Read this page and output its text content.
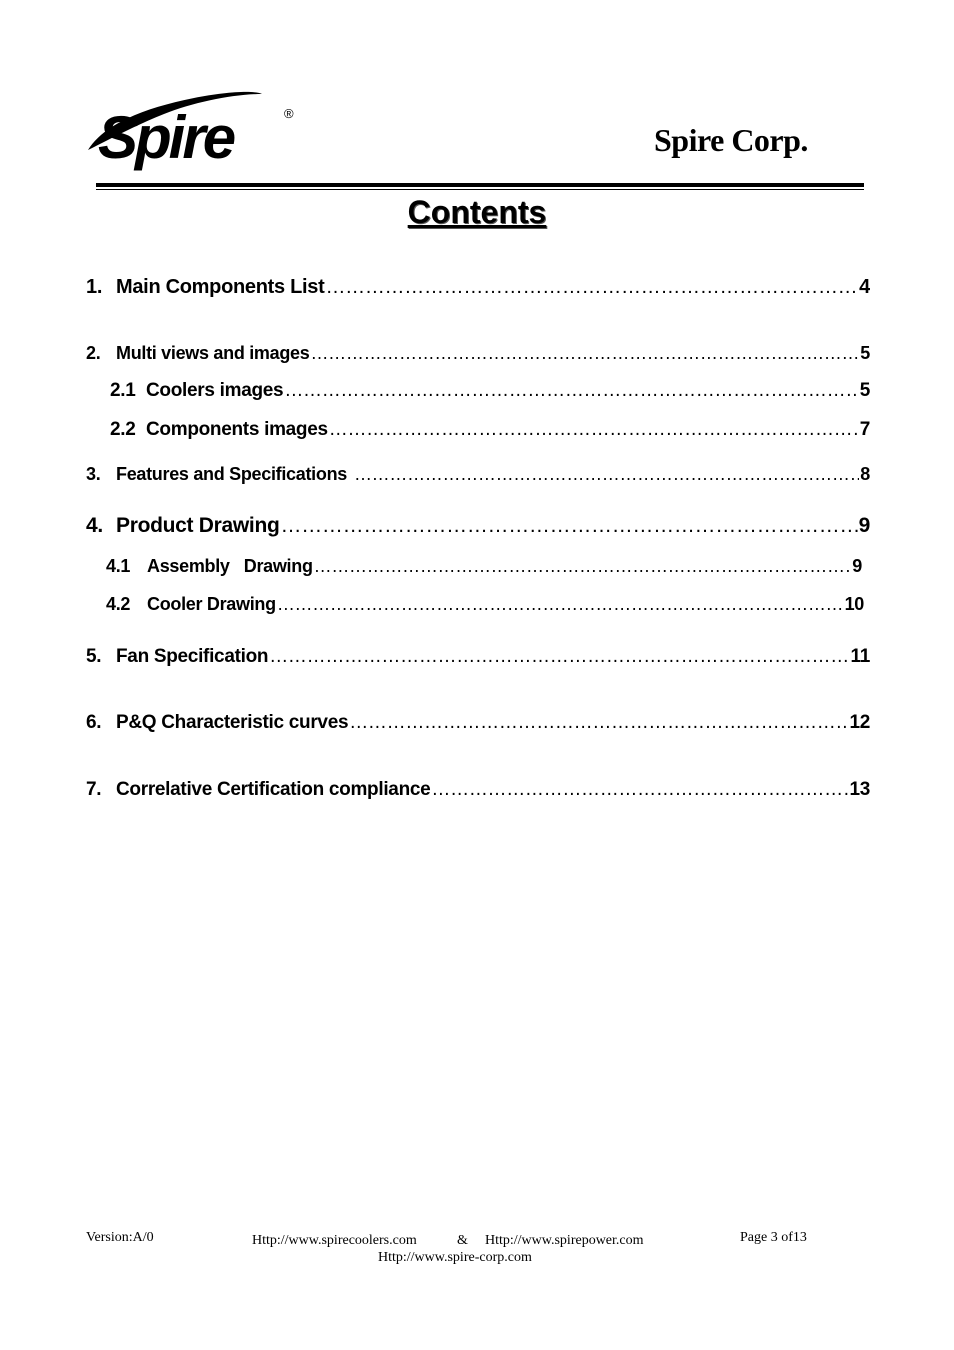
Spire	®
Spire Corp.
Contents
1. Main Components List ……………………………………………………………………………………………………………………………………………………………………………	4
2. Multi views and images ……………………………………………………………………………………………………………………………………………………………………………	5
2.1 Coolers images ……………………………………………………………………………………………………………………………………………………………………………	5
2.2 Components images ……………………………………………………………………………………………………………………………………………………………………………	7
3. Features and Specifications ……………………………………………………………………………………………………………………………………………………………………………	8
4. Product Drawing ……………………………………………………………………………………………………………………………………………………………………………	9
4.1 Assembly   Drawing ……………………………………………………………………………………………………………………………………………………………………………	9
4.2 Cooler Drawing ……………………………………………………………………………………………………………………………………………………………………………	10
5. Fan Specification ……………………………………………………………………………………………………………………………………………………………………………	11
6. P&Q Characteristic curves ……………………………………………………………………………………………………………………………………………………………………………	12
7. Correlative Certification compliance ……………………………………………………………………………………………………………………………………………………………………………	13
Version:A/0	Http://www.spirecoolers.com	& Http://www.spirepower.com
Http://www.spire-corp.com
Page 3 of13
